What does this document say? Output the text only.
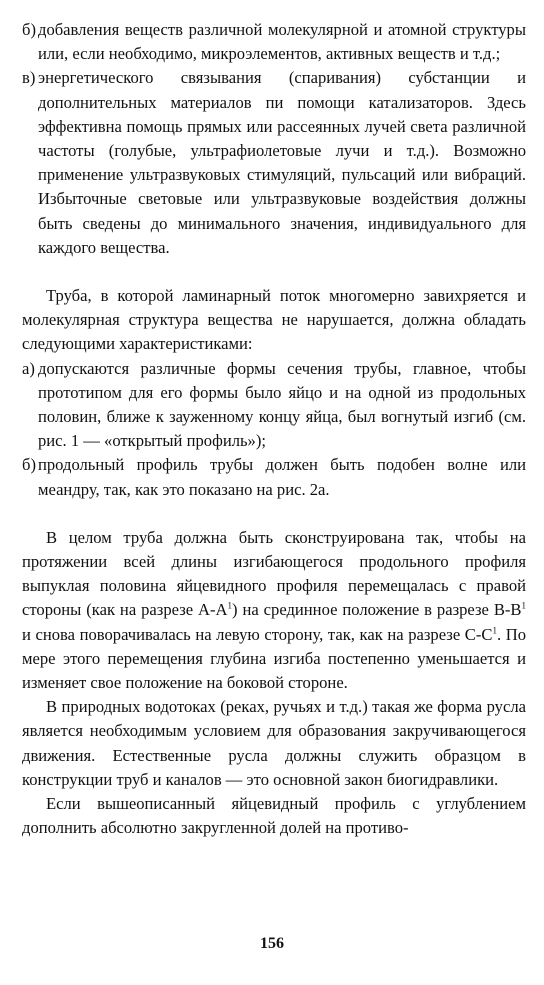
б) добавления веществ различной молекулярной и атомной структуры или, если необходимо, микроэлементов, активных веществ и т.д.;
в) энергетического связывания (спаривания) субстанции и дополнительных материалов пи помощи катализаторов. Здесь эффективна помощь прямых или рассеянных лучей света различной частоты (голубые, ультрафиолетовые лучи и т.д.). Возможно применение ультразвуковых стимуляций, пульсаций или вибраций. Избыточные световые или ультразвуковые воздействия должны быть сведены до минимального значения, индивидуального для каждого вещества.

Труба, в которой ламинарный поток многомерно завихряется и молекулярная структура вещества не нарушается, должна обладать следующими характеристиками:

а) допускаются различные формы сечения трубы, главное, чтобы прототипом для его формы было яйцо и на одной из продольных половин, ближе к зауженному концу яйца, был вогнутый изгиб (см. рис. 1 — «открытый профиль»);
б) продольный профиль трубы должен быть подобен волне или меандру, так, как это показано на рис. 2а.

В целом труба должна быть сконструирована так, чтобы на протяжении всей длины изгибающегося продольного профиля выпуклая половина яйцевидного профиля перемещалась с правой стороны (как на разрезе $А-А^1$) на срединное положение в разрезе $В-В^1$ и снова поворачивалась на левую сторону, так, как на разрезе $С-С^1$. По мере этого перемещения глубина изгиба постепенно уменьшается и изменяет свое положение на боковой стороне.

В природных водотоках (реках, ручьях и т.д.) такая же форма русла является необходимым условием для образования закручивающегося движения. Естественные русла должны служить образцом в конструкции труб и каналов — это основной закон биогидравлики.

Если вышеописанный яйцевидный профиль с углублением дополнить абсолютно закругленной долей на противо-

156
